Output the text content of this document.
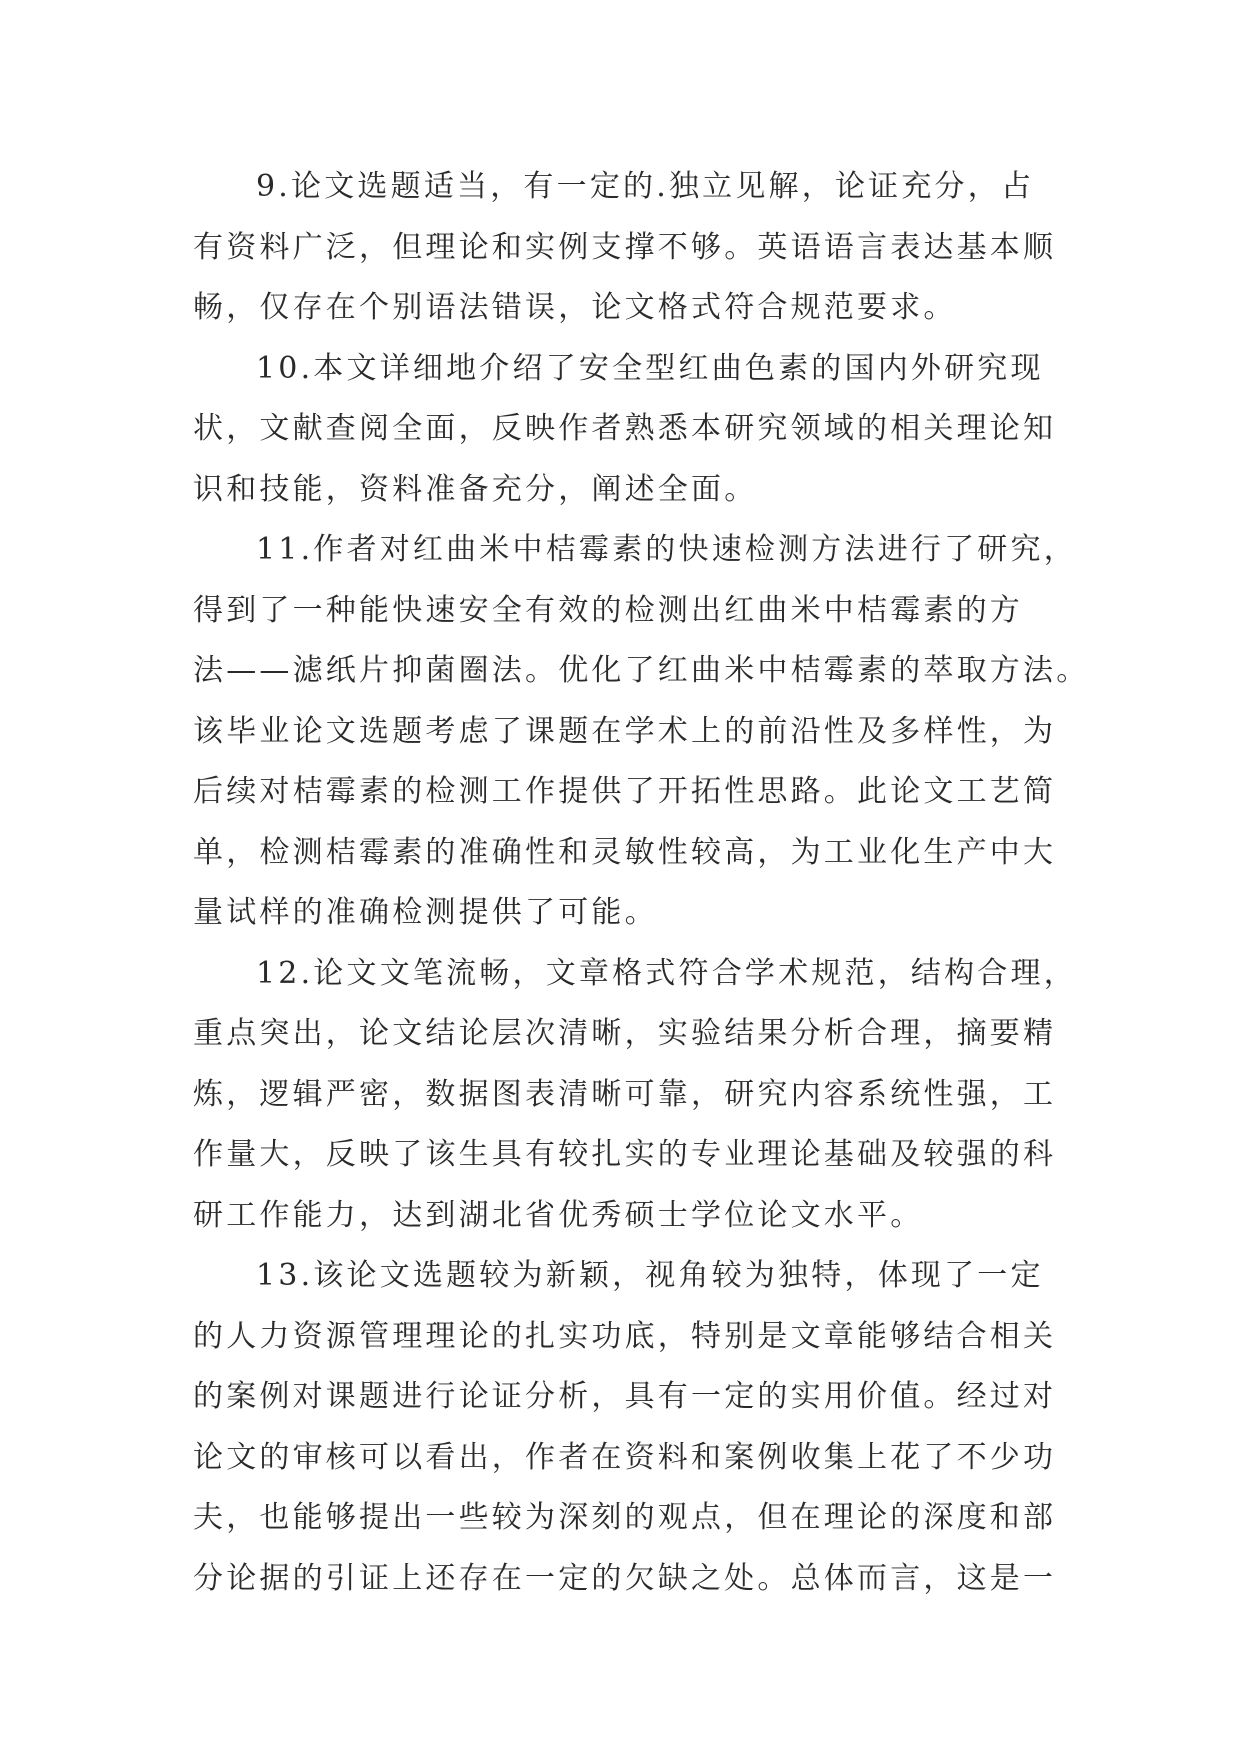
9.论文选题适当，有一定的.独立见解，论证充分，占
有资料广泛，但理论和实例支撑不够。英语语言表达基本顺
畅，仅存在个别语法错误，论文格式符合规范要求。
10.本文详细地介绍了安全型红曲色素的国内外研究现
状，文献查阅全面，反映作者熟悉本研究领域的相关理论知
识和技能，资料准备充分，阐述全面。
11.作者对红曲米中桔霉素的快速检测方法进行了研究，
得到了一种能快速安全有效的检测出红曲米中桔霉素的方
法——滤纸片抑菌圈法。优化了红曲米中桔霉素的萃取方法。
该毕业论文选题考虑了课题在学术上的前沿性及多样性，为
后续对桔霉素的检测工作提供了开拓性思路。此论文工艺简
单，检测桔霉素的准确性和灵敏性较高，为工业化生产中大
量试样的准确检测提供了可能。
12.论文文笔流畅，文章格式符合学术规范，结构合理，
重点突出，论文结论层次清晰，实验结果分析合理，摘要精
炼，逻辑严密，数据图表清晰可靠，研究内容系统性强，工
作量大，反映了该生具有较扎实的专业理论基础及较强的科
研工作能力，达到湖北省优秀硕士学位论文水平。
13.该论文选题较为新颖，视角较为独特，体现了一定
的人力资源管理理论的扎实功底，特别是文章能够结合相关
的案例对课题进行论证分析，具有一定的实用价值。经过对
论文的审核可以看出，作者在资料和案例收集上花了不少功
夫，也能够提出一些较为深刻的观点，但在理论的深度和部
分论据的引证上还存在一定的欠缺之处。总体而言，这是一
